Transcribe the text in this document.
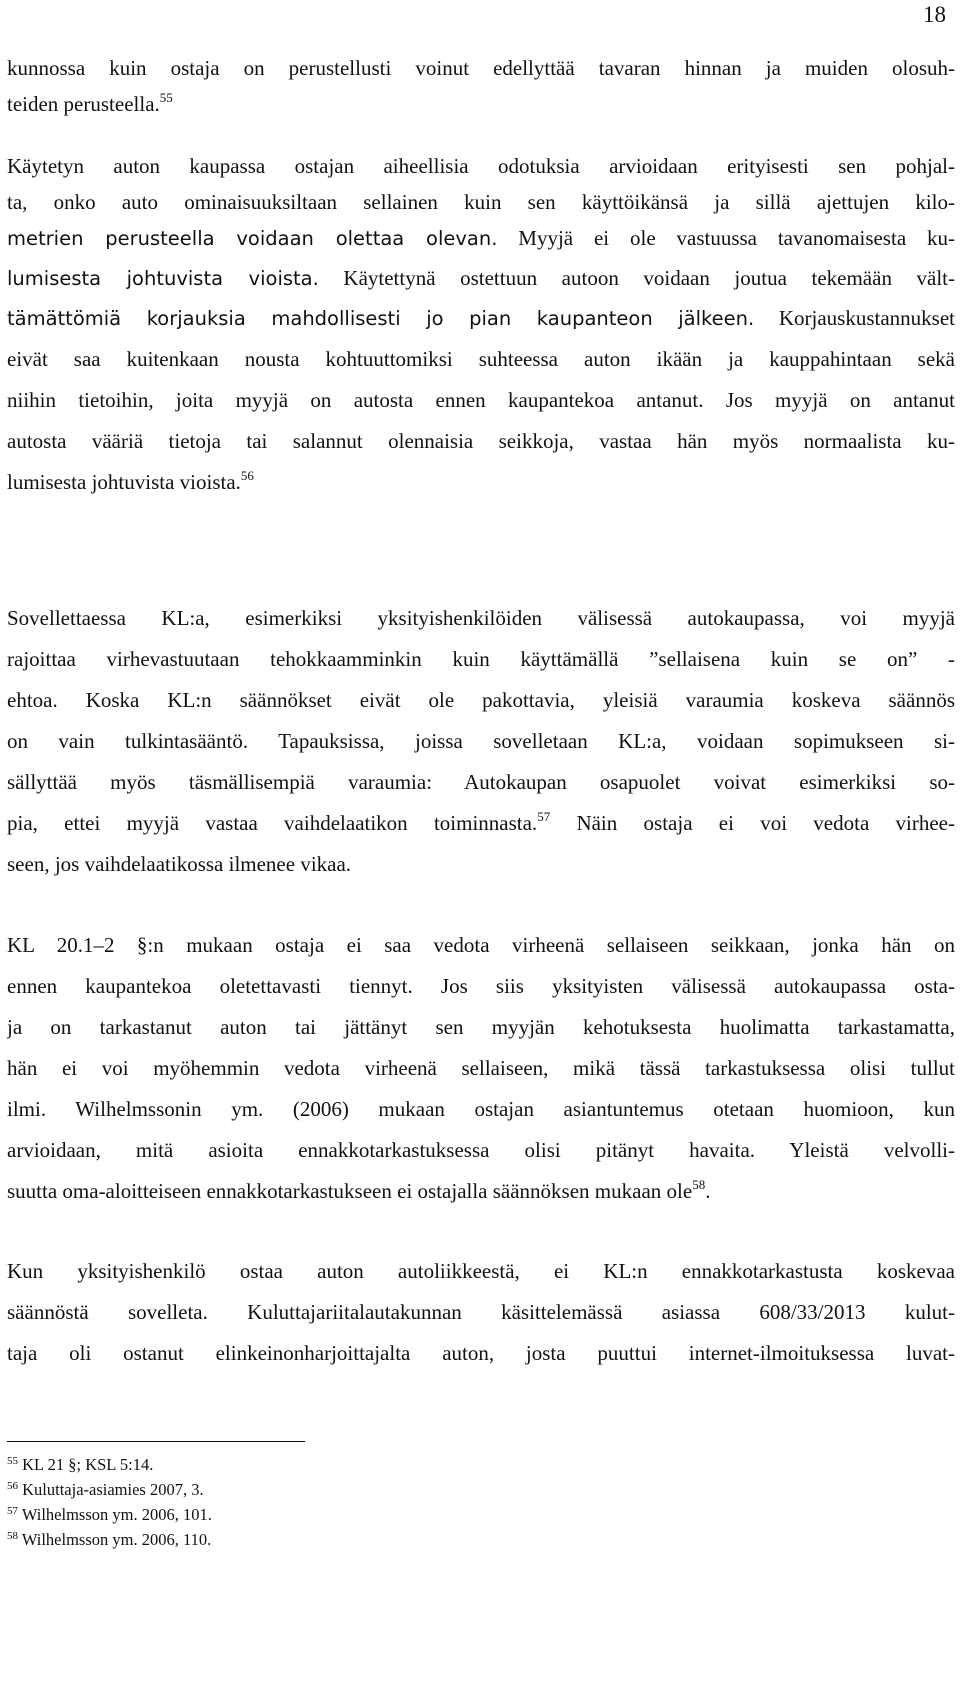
18
kunnossa kuin ostaja on perustellusti voinut edellyttää tavaran hinnan ja muiden olosuh-
teiden perusteella.$^{55}$
Käytetyn auton kaupassa ostajan aiheellisia odotuksia arvioidaan erityisesti sen pohjal-
ta, onko auto ominaisuuksiltaan sellainen kuin sen käyttöikänsä ja sillä ajettujen kilo-
metrien perusteella voidaan olettaa olevan. Myyjä ei ole vastuussa tavanomaisesta ku-
lumisesta johtuvista vioista. Käytettynä ostettuun autoon voidaan joutua tekemään vält-
tämättömiä korjauksia mahdollisesti jo pian kaupanteon jälkeen. Korjauskustannukset
eivät saa kuitenkaan nousta kohtuuttomiksi suhteessa auton ikään ja kauppahintaan sekä
niihin tietoihin, joita myyjä on autosta ennen kaupantekoa antanut. Jos myyjä on antanut
autosta vääriä tietoja tai salannut olennaisia seikkoja, vastaa hän myös normaalista ku-
lumisesta johtuvista vioista.$^{56}$
Sovellettaessa KL:a, esimerkiksi yksityishenkilöiden välisessä autokaupassa, voi myyjä
rajoittaa virhevastuutaan tehokkaamminkin kuin käyttämällä ”sellaisena kuin se on” -
ehtoa. Koska KL:n säännökset eivät ole pakottavia, yleisiä varaumia koskeva säännös
on vain tulkintasääntö. Tapauksissa, joissa sovelletaan KL:a, voidaan sopimukseen si-
sällyttää myös täsmällisempiä varaumia: Autokaupan osapuolet voivat esimerkiksi so-
pia, ettei myyjä vastaa vaihdelaatikon toiminnasta.$^{57}$ Näin ostaja ei voi vedota virhee-
seen, jos vaihdelaatikossa ilmenee vikaa.
KL 20.1–2 §:n mukaan ostaja ei saa vedota virheenä sellaiseen seikkaan, jonka hän on
ennen kaupantekoa oletettavasti tiennyt. Jos siis yksityisten välisessä autokaupassa osta-
ja on tarkastanut auton tai jättänyt sen myyjän kehotuksesta huolimatta tarkastamatta,
hän ei voi myöhemmin vedota virheenä sellaiseen, mikä tässä tarkastuksessa olisi tullut
ilmi. Wilhelmssonin ym. (2006) mukaan ostajan asiantuntemus otetaan huomioon, kun
arvioidaan, mitä asioita ennakkotarkastuksessa olisi pitänyt havaita. Yleistä velvolli-
suutta oma-aloitteiseen ennakkotarkastukseen ei ostajalla säännöksen mukaan ole$^{58}$.
Kun yksityishenkilö ostaa auton autoliikkeestä, ei KL:n ennakkotarkastusta koskevaa
säännöstä sovelleta. Kuluttajariitalautakunnan käsittelemässä asiassa 608/33/2013 kulut-
taja oli ostanut elinkeinonharjoittajalta auton, josta puuttui internet-ilmoituksessa luvat-
$^{55}$ KL 21 §; KSL 5:14.
$^{56}$ Kuluttaja-asiamies 2007, 3.
$^{57}$ Wilhelmsson ym. 2006, 101.
$^{58}$ Wilhelmsson ym. 2006, 110.
